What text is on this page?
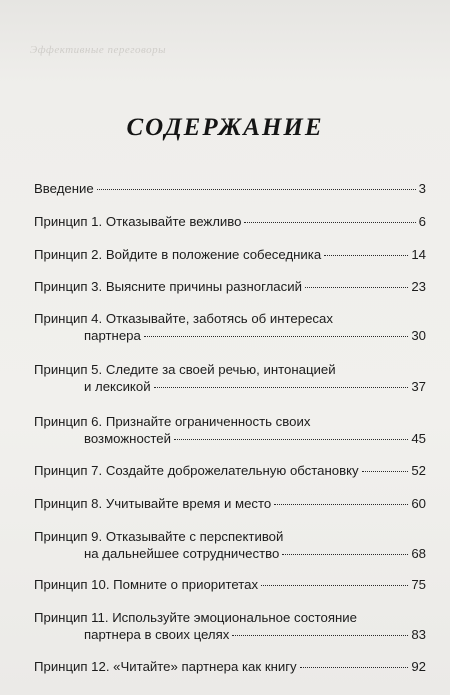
Эффективные переговоры
СОДЕРЖАНИЕ
Введение	3
Принцип 1. Отказывайте вежливо	6
Принцип 2. Войдите в положение собеседника	14
Принцип 3. Выясните причины разногласий	23
Принцип 4. Отказывайте, заботясь об интересах
партнера	30
Принцип 5. Следите за своей речью, интонацией
и лексикой	37
Принцип 6. Признайте ограниченность своих
возможностей	45
Принцип 7. Создайте доброжелательную обстановку	52
Принцип 8. Учитывайте время и место	60
Принцип 9. Отказывайте с перспективой
на дальнейшее сотрудничество	68
Принцип 10. Помните о приоритетах	75
Принцип 11. Используйте эмоциональное состояние
партнера в своих целях	83
Принцип 12. «Читайте» партнера как книгу	92
